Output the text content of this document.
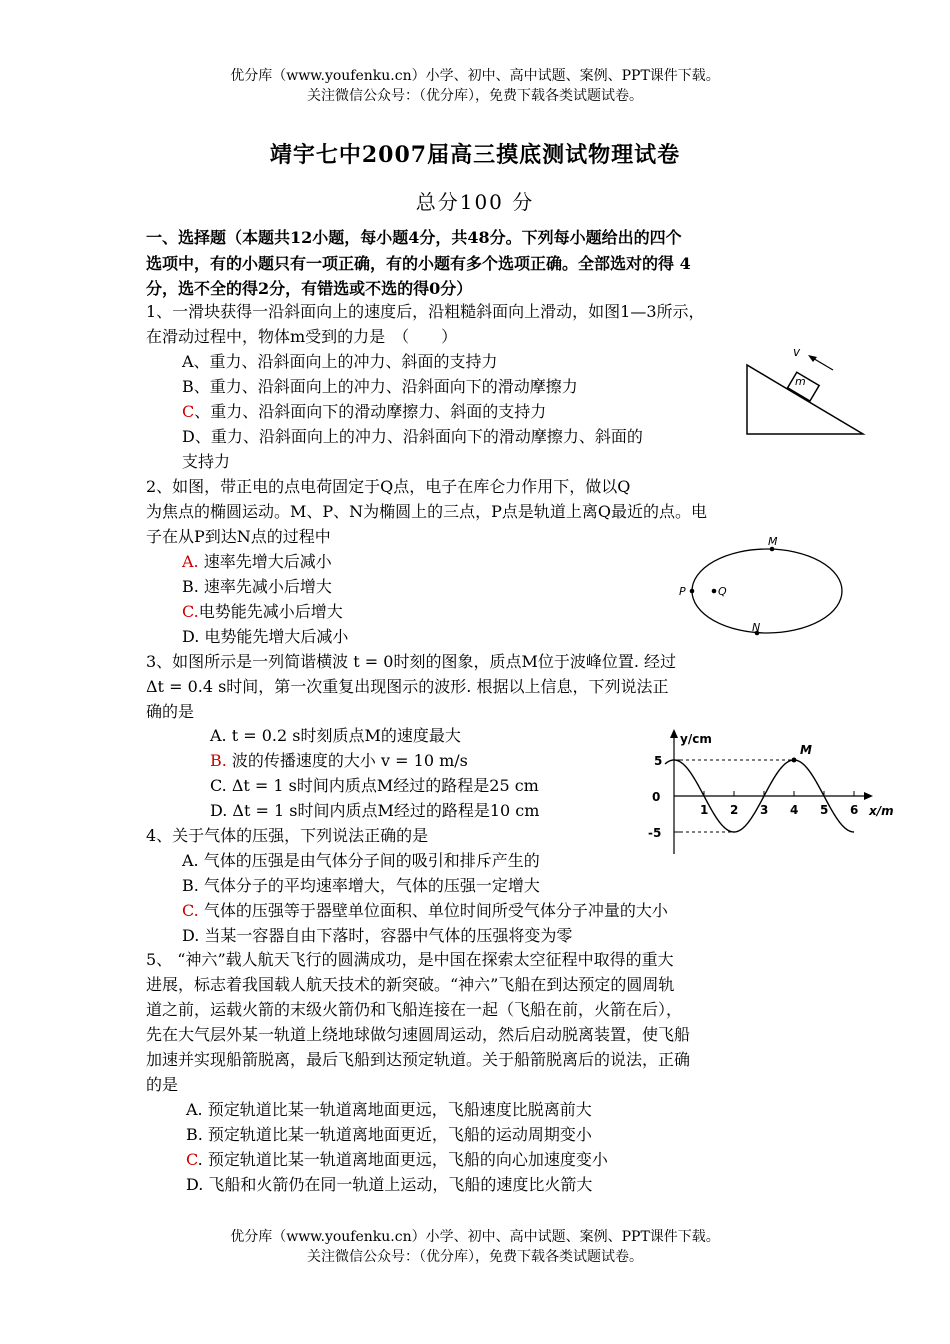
优分库（www.youfenku.cn）小学、初中、高中试题、案例、PPT课件下载。
关注微信公众号：（优分库），免费下载各类试题试卷。
靖宇七中2007届高三摸底测试物理试卷
总分100 分
一、选择题（本题共12小题，每小题4分，共48分。下列每小题给出的四个
选项中，有的小题只有一项正确，有的小题有多个选项正确。全部选对的得 4
分，选不全的得2分，有错选或不选的得0分）
1、一滑块获得一沿斜面向上的速度后，沿粗糙斜面向上滑动，如图1—3所示，
在滑动过程中，物体m受到的力是　（　　）
A、重力、沿斜面向上的冲力、斜面的支持力
B、重力、沿斜面向上的冲力、沿斜面向下的滑动摩擦力
C、重力、沿斜面向下的滑动摩擦力、斜面的支持力
D、重力、沿斜面向上的冲力、沿斜面向下的滑动摩擦力、斜面的
支持力
m
v
2、如图，带正电的点电荷固定于Q点，电子在库仑力作用下，做以Q
为焦点的椭圆运动。M、P、N为椭圆上的三点，P点是轨道上离Q最近的点。电
子在从P到达N点的过程中
A. 速率先增大后减小
B. 速率先减小后增大
C.电势能先减小后增大
D. 电势能先增大后减小
M
P	Q
N
3、如图所示是一列简谐横波 t = 0时刻的图象，质点M位于波峰位置. 经过
Δt = 0.4 s时间，第一次重复出现图示的波形. 根据以上信息，下列说法正
确的是
A. t = 0.2 s时刻质点M的速度最大
B. 波的传播速度的大小 v = 10 m/s
C. Δt = 1 s时间内质点M经过的路程是25 cm
D. Δt = 1 s时间内质点M经过的路程是10 cm
y/cm
x/m
0
5
-5
1 2 3 4 5 6
M
4、关于气体的压强，下列说法正确的是
A. 气体的压强是由气体分子间的吸引和排斥产生的
B. 气体分子的平均速率增大，气体的压强一定增大
C. 气体的压强等于器壁单位面积、单位时间所受气体分子冲量的大小
D. 当某一容器自由下落时，容器中气体的压强将变为零
5、 “神六”载人航天飞行的圆满成功，是中国在探索太空征程中取得的重大
进展，标志着我国载人航天技术的新突破。“神六”飞船在到达预定的圆周轨
道之前，运载火箭的末级火箭仍和飞船连接在一起（飞船在前，火箭在后），
先在大气层外某一轨道上绕地球做匀速圆周运动，然后启动脱离装置，使飞船
加速并实现船箭脱离，最后飞船到达预定轨道。关于船箭脱离后的说法，正确
的是
A. 预定轨道比某一轨道离地面更远，飞船速度比脱离前大
B. 预定轨道比某一轨道离地面更近，飞船的运动周期变小
C. 预定轨道比某一轨道离地面更远，飞船的向心加速度变小
D. 飞船和火箭仍在同一轨道上运动，飞船的速度比火箭大
优分库（www.youfenku.cn）小学、初中、高中试题、案例、PPT课件下载。
关注微信公众号：（优分库），免费下载各类试题试卷。
